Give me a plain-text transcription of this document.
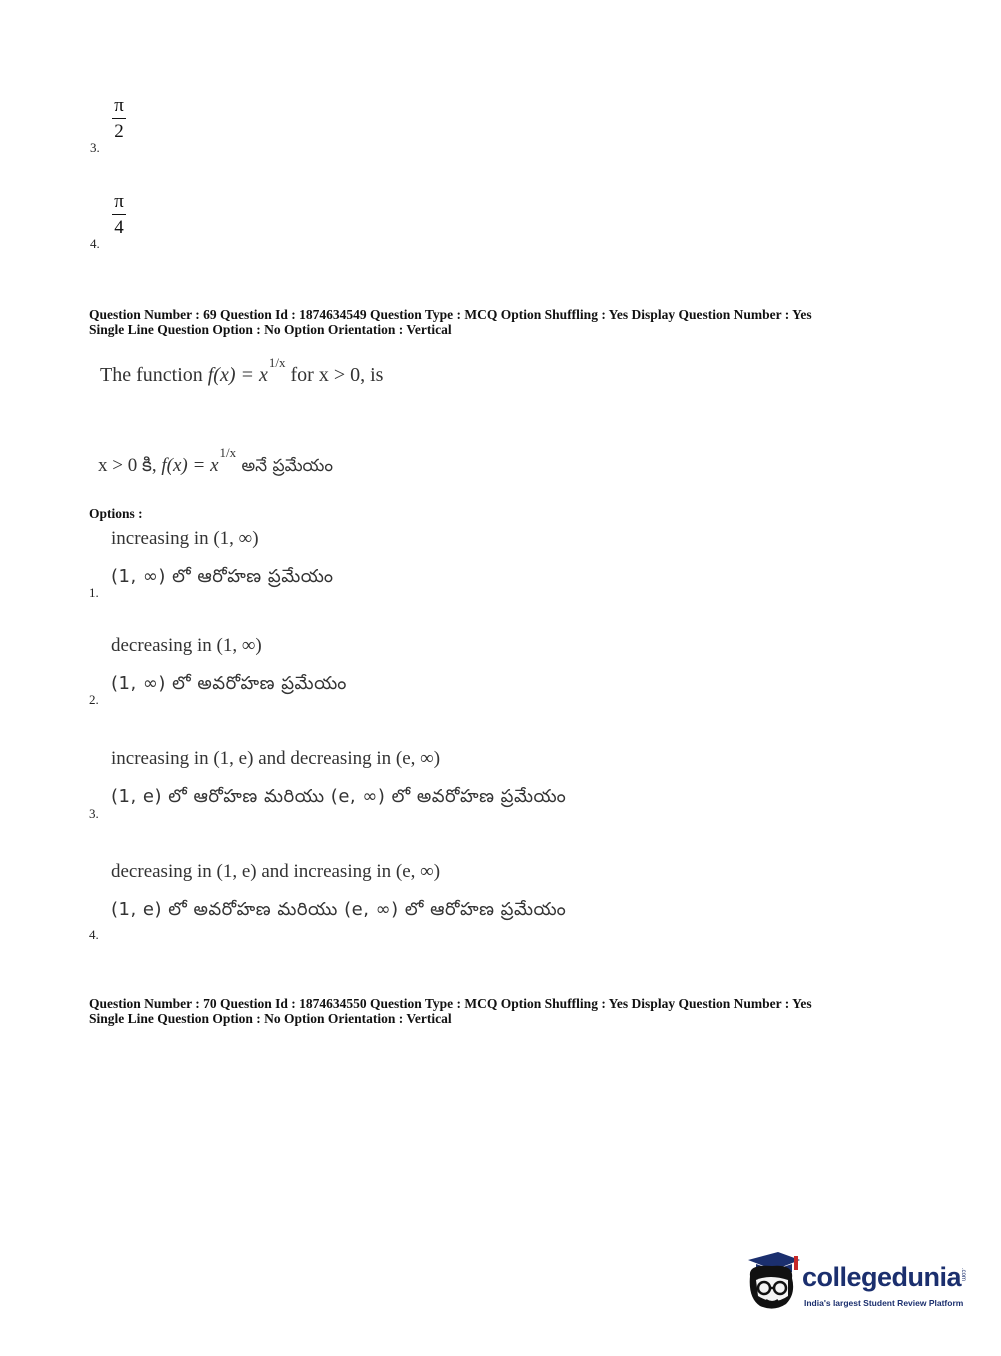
π
2
3.
π
4
4.
Question Number : 69 Question Id : 1874634549 Question Type : MCQ Option Shuffling : Yes Display Question Number : Yes
Single Line Question Option : No Option Orientation : Vertical
The function f(x) = x1/x for x > 0, is
x > 0 కి, f(x) = x1/x అనే ప్రమేయం
Options :
increasing in (1, ∞)
(1, ∞) లో ఆరోహణ ప్రమేయం
1.
decreasing in (1, ∞)
(1, ∞) లో అవరోహణ ప్రమేయం
2.
increasing in (1, e) and decreasing in (e, ∞)
(1, e) లో ఆరోహణ మరియు (e, ∞) లో అవరోహణ ప్రమేయం
3.
decreasing in (1, e) and increasing in (e, ∞)
(1, e) లో అవరోహణ మరియు (e, ∞) లో ఆరోహణ ప్రమేయం
4.
Question Number : 70 Question Id : 1874634550 Question Type : MCQ Option Shuffling : Yes Display Question Number : Yes
Single Line Question Option : No Option Orientation : Vertical
collegedunia
.com
India's largest Student Review Platform
